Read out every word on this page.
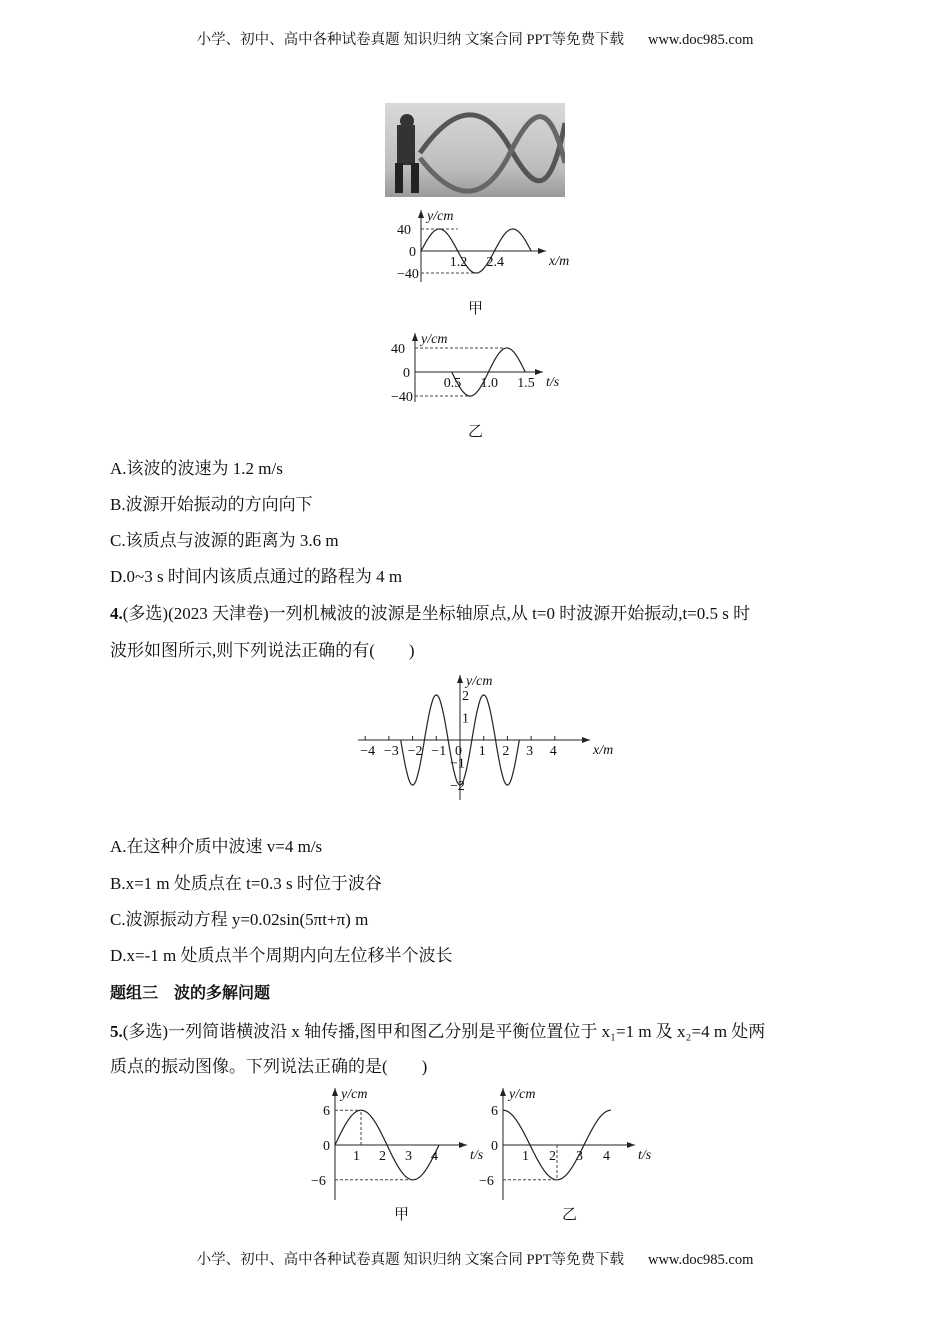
小学、初中、高中各种试卷真题 知识归纳 文案合同 PPT等免费下载 www.doc985.com
y/cm
x/m
1.2 2.4
40
0
−40
y/cm
t/s
0.5 1.0 1.5
40
0
−40
y/cm
x/m
−4 −3 −2 −1 0 1 2 3 4
2
1
−1
−2
y/cm
t/s
1 2 3 4
6
0
−6
y/cm
t/s
1 2 3 4
6
0
−6
甲
乙
A.该波的波速为 1.2 m/s
B.波源开始振动的方向向下
C.该质点与波源的距离为 3.6 m
D.0~3 s 时间内该质点通过的路程为 4 m
4.(多选)(2023 天津卷)一列机械波的波源是坐标轴原点,从 t=0 时波源开始振动,t=0.5 s 时
波形如图所示,则下列说法正确的有(　　)
A.在这种介质中波速 v=4 m/s
B.x=1 m 处质点在 t=0.3 s 时位于波谷
C.波源振动方程 y=0.02sin(5πt+π) m
D.x=-1 m 处质点半个周期内向左位移半个波长
题组三　波的多解问题
5.(多选)一列简谐横波沿 x 轴传播,图甲和图乙分别是平衡位置位于 x₁=1 m 及 x₂=4 m 处两
质点的振动图像。下列说法正确的是(　　)
甲	乙
小学、初中、高中各种试卷真题 知识归纳 文案合同 PPT等免费下载 www.doc985.com
